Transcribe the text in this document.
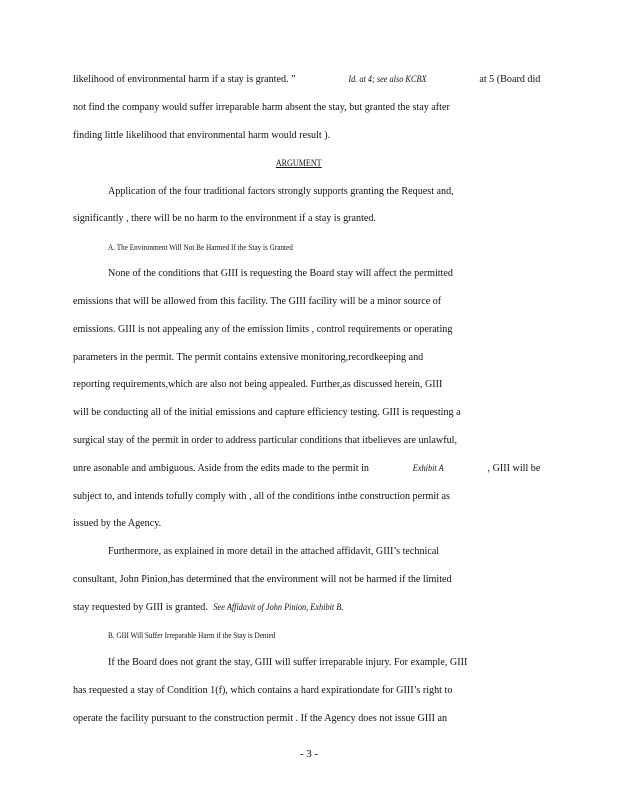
likelihood of environmental harm if a stay is granted. ”	Id. at 4; see also KCBX	at 5 (Board did
not find the company would suffer irreparable harm absent the stay, but granted the stay after
finding little likelihood that environmental harm would result ).
ARGUMENT
Application of the four traditional factors strongly supports granting the Request and,
significantly , there will be no harm to the environment if a stay is granted.
A. The Environment Will Not Be Harmed If the Stay is Granted
None of the conditions that GIII is requesting the Board stay will affect the permitted
emissions that will be allowed from this facility. The GIII facility will be a minor source of
emissions. GIII is not appealing any of the emission limits , control requirements or operating
parameters in the permit. The permit contains extensive monitoring,recordkeeping and
reporting requirements,which are also not being appealed. Further,as discussed herein, GIII
will be conducting all of the initial emissions and capture efficiency testing. GIII is requesting a
surgical stay of the permit in order to address particular conditions that itbelieves are unlawful,
unre asonable and ambiguous. Aside from the edits made to the permit in	Exhibit A	, GIII will be
subject to, and intends tofully comply with , all of the conditions inthe construction permit as
issued by the Agency.
Furthermore, as explained in more detail in the attached affidavit, GIII’s technical
consultant, John Pinion,has determined that the environment will not be harmed if the limited
stay requested by GIII is granted. See Affidavit of John Pinion, Exhibit B.
B. GIII Will Suffer Irreparable Harm if the Stay is Denied
If the Board does not grant the stay, GIII will suffer irreparable injury. For example, GIII
has requested a stay of Condition 1(f), which contains a hard expirationdate for GIII’s right to
operate the facility pursuant to the construction permit . If the Agency does not issue GIII an
- 3 -
